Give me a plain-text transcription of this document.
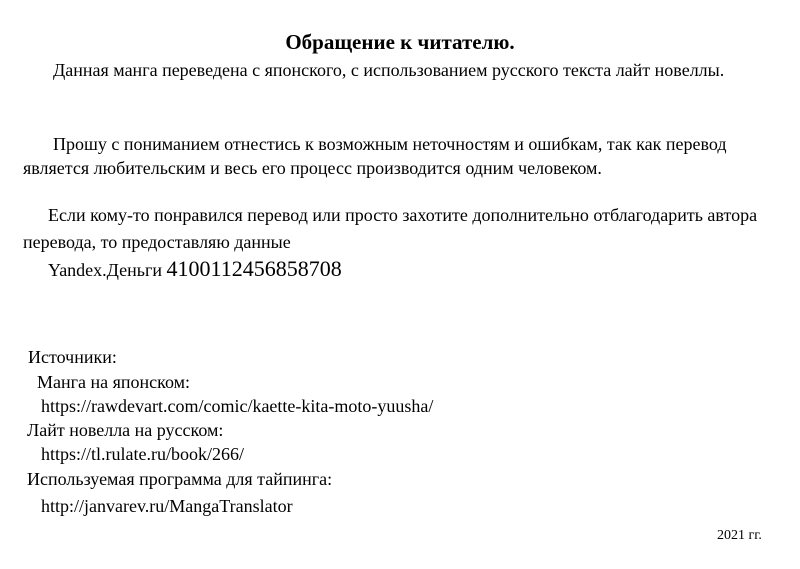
Обращение к читателю.
Данная манга переведена с японского, с использованием русского текста лайт новеллы.
Прошу с пониманием отнестись к возможным неточностям и ошибкам, так как перевод является любительским и весь его процесс производится одним человеком.
Если кому-то понравился перевод или просто захотите дополнительно отблагодарить автора перевода, то предоставляю данные
Yandex.Деньги 4100112456858708
Источники:
Манга на японском:
https://rawdevart.com/comic/kaette-kita-moto-yuusha/
Лайт новелла на русском:
https://tl.rulate.ru/book/266/
Используемая программа для тайпинга:
http://janvarev.ru/MangaTranslator
2021 гг.
